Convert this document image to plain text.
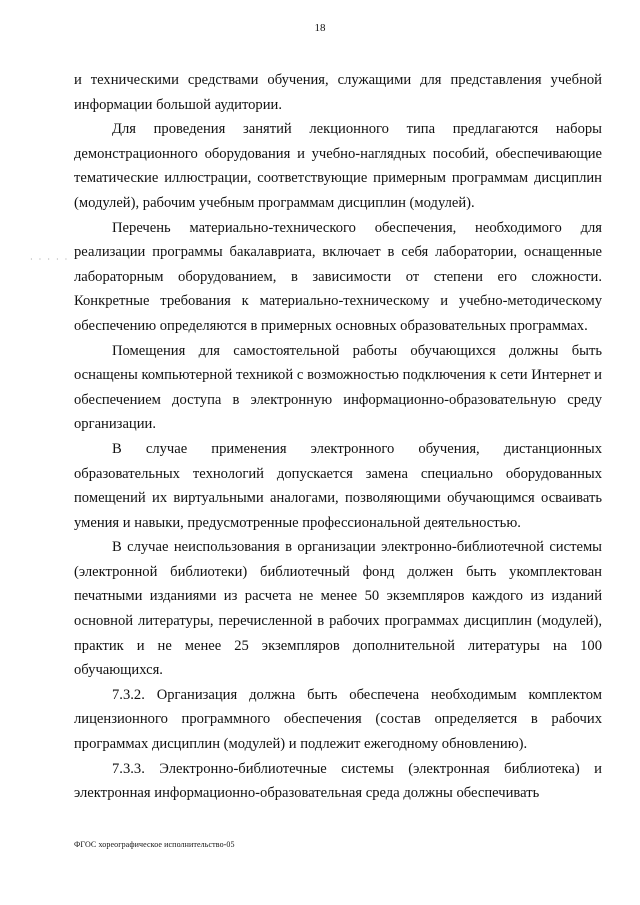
18
· · · · ·

и техническими средствами обучения, служащими для представления учебной информации большой аудитории.

Для проведения занятий лекционного типа предлагаются наборы демонстрационного оборудования и учебно-наглядных пособий, обеспечивающие тематические иллюстрации, соответствующие примерным программам дисциплин (модулей), рабочим учебным программам дисциплин (модулей).

Перечень материально-технического обеспечения, необходимого для реализации программы бакалавриата, включает в себя лаборатории, оснащенные лабораторным оборудованием, в зависимости от степени его сложности. Конкретные требования к материально-техническому и учебно-методическому обеспечению определяются в примерных основных образовательных программах.

Помещения для самостоятельной работы обучающихся должны быть оснащены компьютерной техникой с возможностью подключения к сети Интернет и обеспечением доступа в электронную информационно-образовательную среду организации.

В случае применения электронного обучения, дистанционных образовательных технологий допускается замена специально оборудованных помещений их виртуальными аналогами, позволяющими обучающимся осваивать умения и навыки, предусмотренные профессиональной деятельностью.

В случае неиспользования в организации электронно-библиотечной системы (электронной библиотеки) библиотечный фонд должен быть укомплектован печатными изданиями из расчета не менее 50 экземпляров каждого из изданий основной литературы, перечисленной в рабочих программах дисциплин (модулей), практик и не менее 25 экземпляров дополнительной литературы на 100 обучающихся.

7.3.2. Организация должна быть обеспечена необходимым комплектом лицензионного программного обеспечения (состав определяется в рабочих программах дисциплин (модулей) и подлежит ежегодному обновлению).

7.3.3. Электронно-библиотечные системы (электронная библиотека) и электронная информационно-образовательная среда должны обеспечивать

ФГОС хореографическое исполнительство-05
